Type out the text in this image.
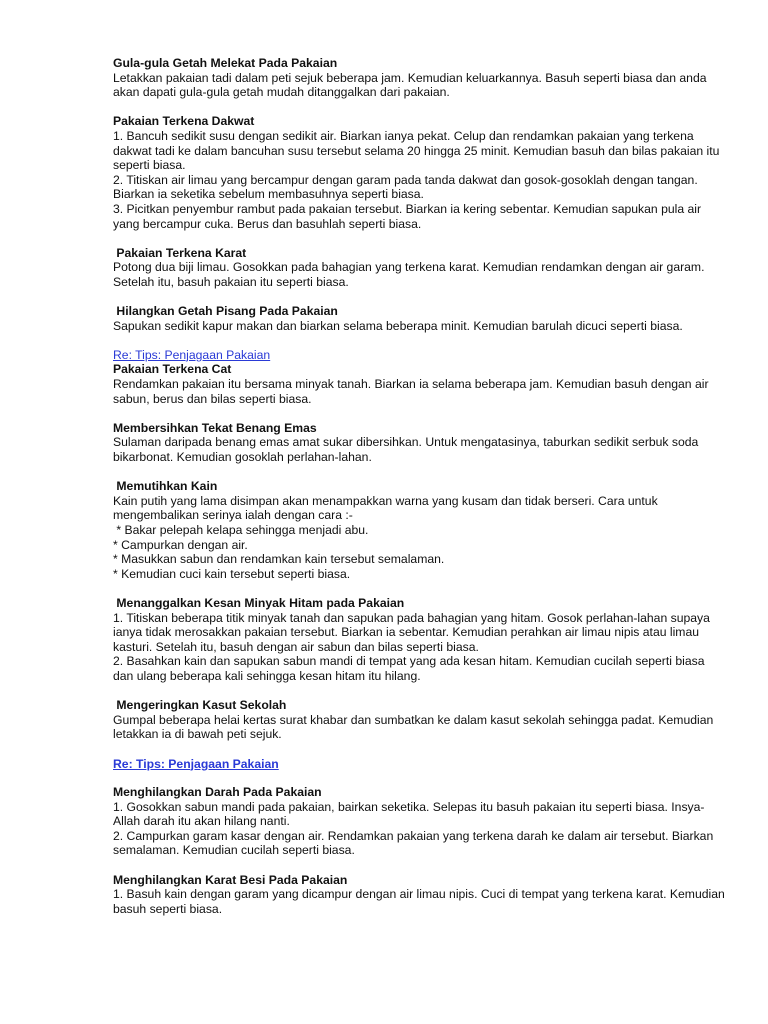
Gula-gula Getah Melekat Pada Pakaian
Letakkan pakaian tadi dalam peti sejuk beberapa jam. Kemudian keluarkannya. Basuh seperti biasa dan anda akan dapati gula-gula getah mudah ditanggalkan dari pakaian.
Pakaian Terkena Dakwat
1. Bancuh sedikit susu dengan sedikit air. Biarkan ianya pekat. Celup dan rendamkan pakaian yang terkena dakwat tadi ke dalam bancuhan susu tersebut selama 20 hingga 25 minit. Kemudian basuh dan bilas pakaian itu seperti biasa.
2. Titiskan air limau yang bercampur dengan garam pada tanda dakwat dan gosok-gosoklah dengan tangan. Biarkan ia seketika sebelum membasuhnya seperti biasa.
3. Picitkan penyembur rambut pada pakaian tersebut. Biarkan ia kering sebentar. Kemudian sapukan pula air yang bercampur cuka. Berus dan basuhlah seperti biasa.
Pakaian Terkena Karat
Potong dua biji limau. Gosokkan pada bahagian yang terkena karat. Kemudian rendamkan dengan air garam. Setelah itu, basuh pakaian itu seperti biasa.
Hilangkan Getah Pisang Pada Pakaian
Sapukan sedikit kapur makan dan biarkan selama beberapa minit. Kemudian barulah dicuci seperti biasa.
Re: Tips: Penjagaan Pakaian
Pakaian Terkena Cat
Rendamkan pakaian itu bersama minyak tanah. Biarkan ia selama beberapa jam. Kemudian basuh dengan air sabun, berus dan bilas seperti biasa.
Membersihkan Tekat Benang Emas
Sulaman daripada benang emas amat sukar dibersihkan. Untuk mengatasinya, taburkan sedikit serbuk soda bikarbonat. Kemudian gosoklah perlahan-lahan.
Memutihkan Kain
Kain putih yang lama disimpan akan menampakkan warna yang kusam dan tidak berseri. Cara untuk mengembalikan serinya ialah dengan cara :-
* Bakar pelepah kelapa sehingga menjadi abu.
* Campurkan dengan air.
* Masukkan sabun dan rendamkan kain tersebut semalaman.
* Kemudian cuci kain tersebut seperti biasa.
Menanggalkan Kesan Minyak Hitam pada Pakaian
1. Titiskan beberapa titik minyak tanah dan sapukan pada bahagian yang hitam. Gosok perlahan-lahan supaya ianya tidak merosakkan pakaian tersebut. Biarkan ia sebentar. Kemudian perahkan air limau nipis atau limau kasturi. Setelah itu, basuh dengan air sabun dan bilas seperti biasa.
2. Basahkan kain dan sapukan sabun mandi di tempat yang ada kesan hitam. Kemudian cucilah seperti biasa dan ulang beberapa kali sehingga kesan hitam itu hilang.
Mengeringkan Kasut Sekolah
Gumpal beberapa helai kertas surat khabar dan sumbatkan ke dalam kasut sekolah sehingga padat. Kemudian letakkan ia di bawah peti sejuk.
Re: Tips: Penjagaan Pakaian
Menghilangkan Darah Pada Pakaian
1. Gosokkan sabun mandi pada pakaian, bairkan seketika. Selepas itu basuh pakaian itu seperti biasa. Insya-Allah darah itu akan hilang nanti.
2. Campurkan garam kasar dengan air. Rendamkan pakaian yang terkena darah ke dalam air tersebut. Biarkan semalaman. Kemudian cucilah seperti biasa.
Menghilangkan Karat Besi Pada Pakaian
1. Basuh kain dengan garam yang dicampur dengan air limau nipis. Cuci di tempat yang terkena karat. Kemudian basuh seperti biasa.
